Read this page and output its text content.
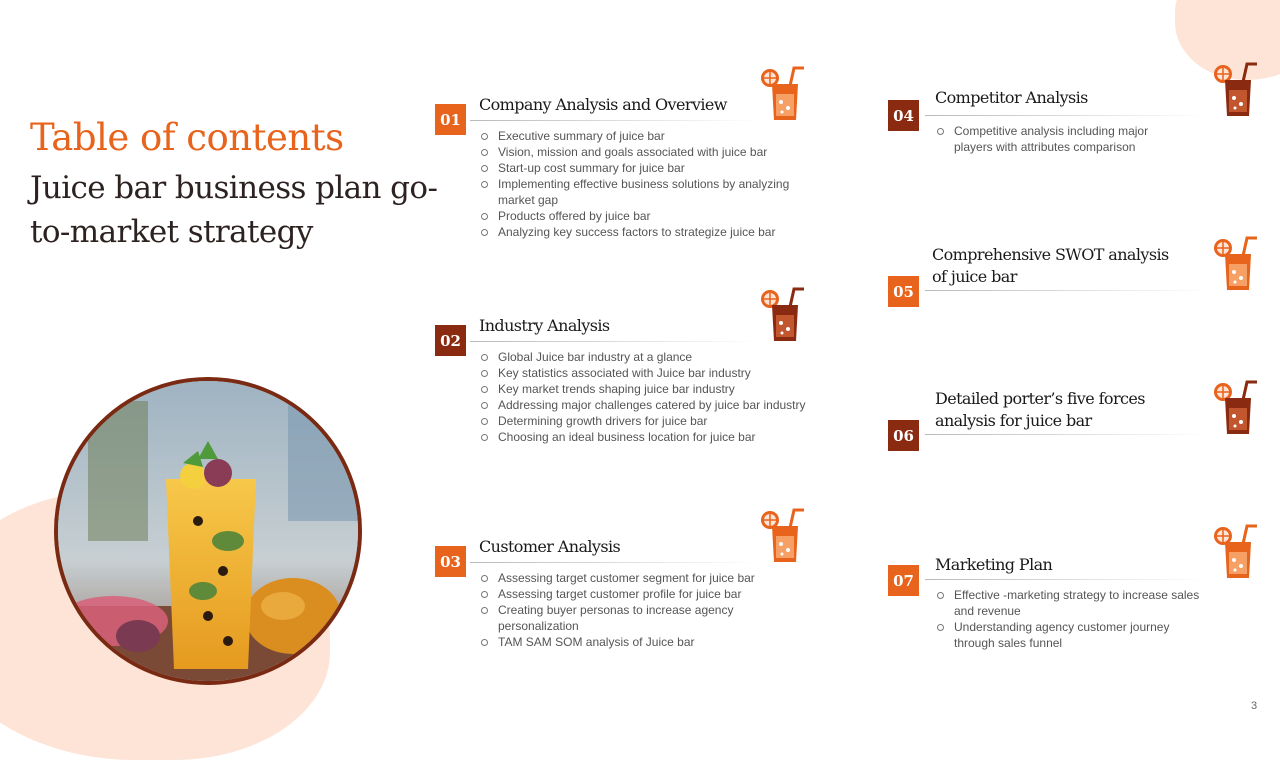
Table of contents
Juice bar business plan go-to-market strategy
01
Company Analysis and Overview
Executive summary of juice bar
Vision, mission and goals associated with juice bar
Start-up cost summary for juice bar
Implementing effective business solutions by analyzing market gap
Products offered by juice bar
Analyzing key success factors to strategize juice bar
02
Industry Analysis
Global Juice bar industry at a glance
Key statistics associated with Juice bar industry
Key market trends shaping juice bar industry
Addressing major challenges catered by juice bar industry
Determining growth drivers for juice bar
Choosing an ideal business location for juice bar
03
Customer Analysis
Assessing target customer segment for juice bar
Assessing target customer profile for juice bar
Creating buyer personas to increase agency personalization
TAM SAM SOM analysis of Juice bar
04
Competitor Analysis
Competitive analysis including major players with attributes comparison
05
Comprehensive SWOT analysis of juice bar
06
Detailed porter’s five forces analysis for juice bar
07
Marketing Plan
Effective -marketing strategy to increase sales and revenue
Understanding agency customer journey through sales funnel
3
